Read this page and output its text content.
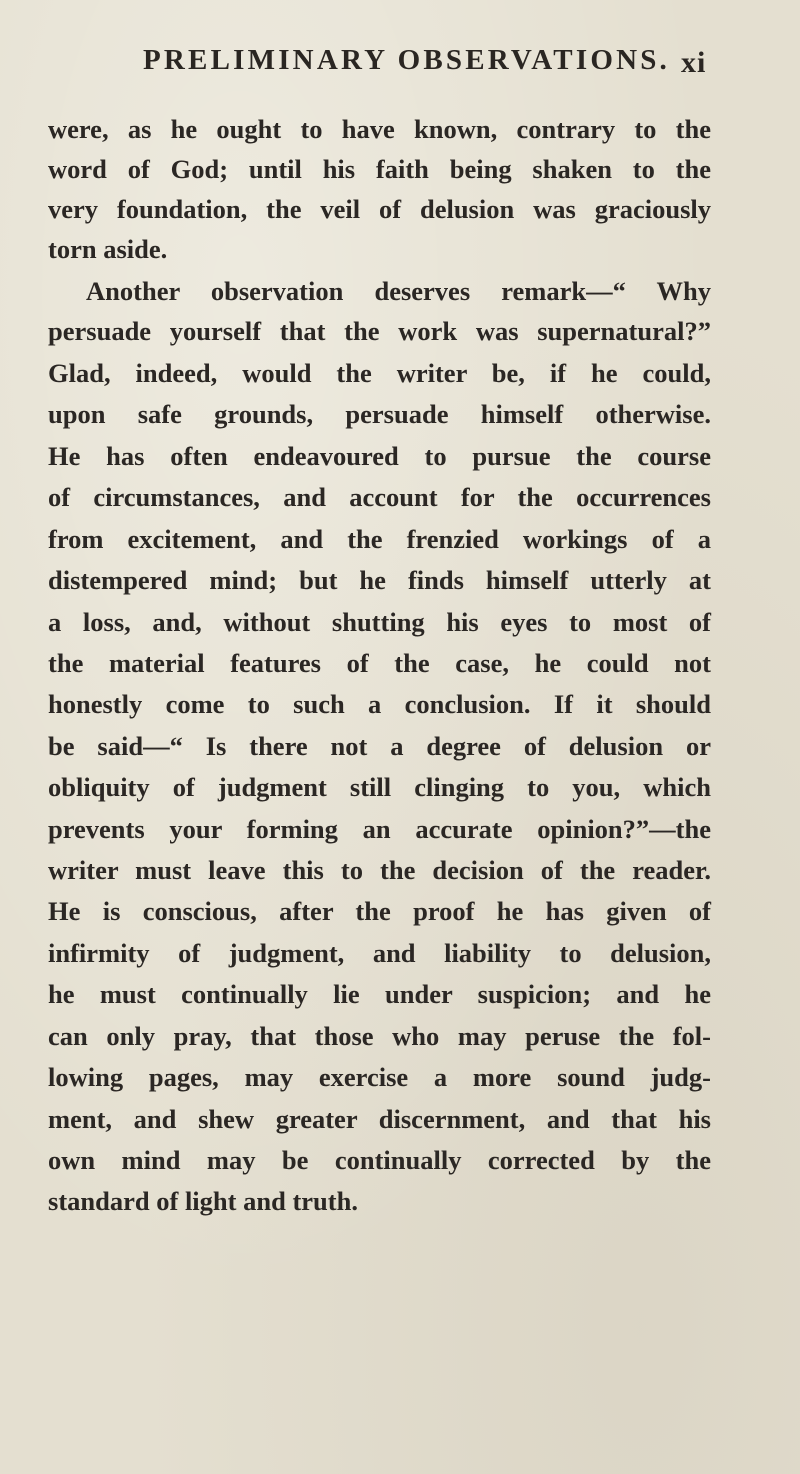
PRELIMINARY OBSERVATIONS. xi
were, as he ought to have known, contrary to the
word of God; until his faith being shaken to the
very foundation, the veil of delusion was graciously
torn aside.
Another observation deserves remark—“ Why
persuade yourself that the work was supernatural?”
Glad, indeed, would the writer be, if he could,
upon safe grounds, persuade himself otherwise.
He has often endeavoured to pursue the course
of circumstances, and account for the occurrences
from excitement, and the frenzied workings of a
distempered mind; but he finds himself utterly at
a loss, and, without shutting his eyes to most of
the material features of the case, he could not
honestly come to such a conclusion. If it should
be said—“ Is there not a degree of delusion or
obliquity of judgment still clinging to you, which
prevents your forming an accurate opinion?”—the
writer must leave this to the decision of the reader.
He is conscious, after the proof he has given of
infirmity of judgment, and liability to delusion,
he must continually lie under suspicion; and he
can only pray, that those who may peruse the fol-
lowing pages, may exercise a more sound judg-
ment, and shew greater discernment, and that his
own mind may be continually corrected by the
standard of light and truth.
